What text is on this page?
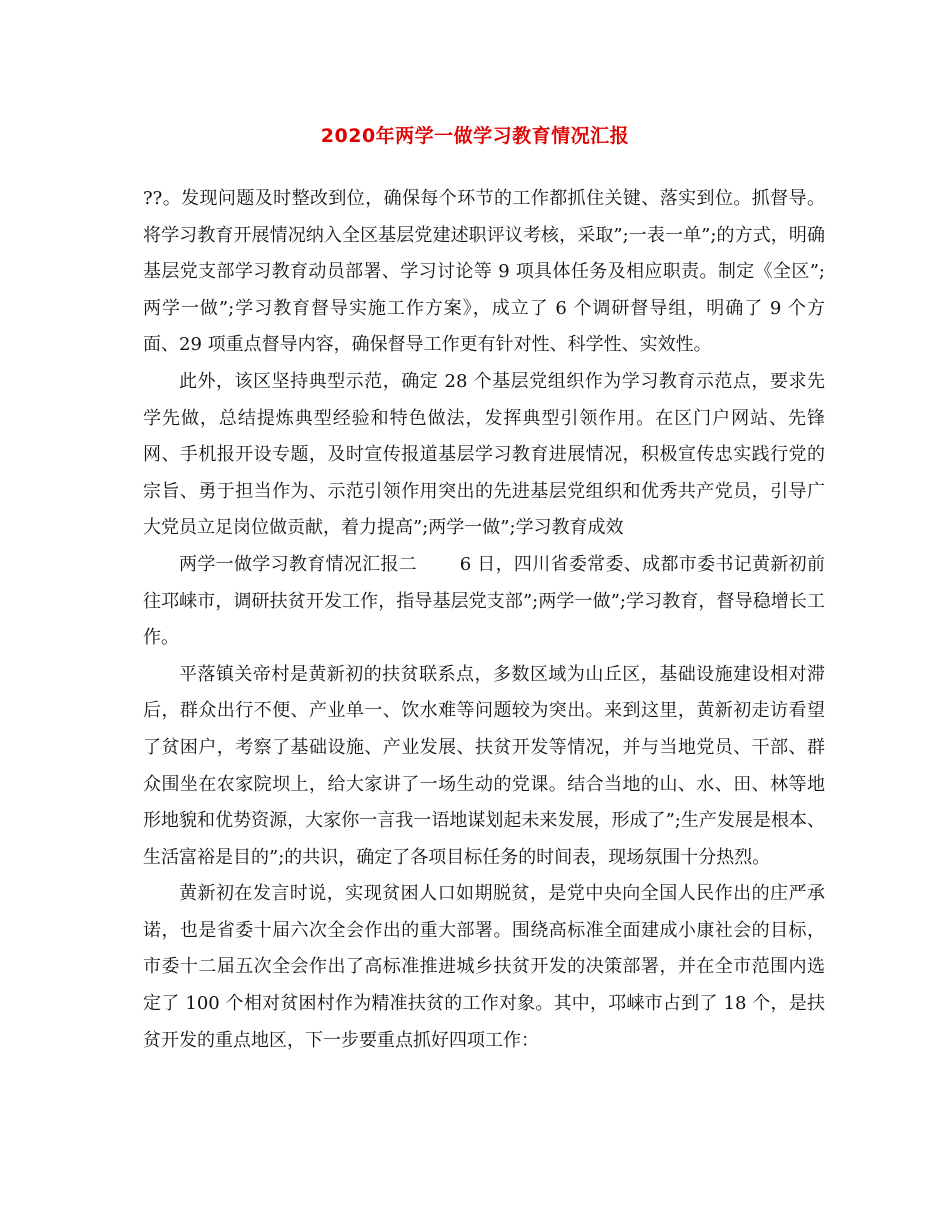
2020年两学一做学习教育情况汇报

??。发现问题及时整改到位，确保每个环节的工作都抓住关键、落实到位。抓督导。将学习教育开展情况纳入全区基层党建述职评议考核，采取”;一表一单”;的方式，明确基层党支部学习教育动员部署、学习讨论等 9 项具体任务及相应职责。制定《全区”;两学一做”;学习教育督导实施工作方案》，成立了 6 个调研督导组，明确了 9 个方面、29 项重点督导内容，确保督导工作更有针对性、科学性、实效性。

此外，该区坚持典型示范，确定 28 个基层党组织作为学习教育示范点，要求先学先做，总结提炼典型经验和特色做法，发挥典型引领作用。在区门户网站、先锋网、手机报开设专题，及时宣传报道基层学习教育进展情况，积极宣传忠实践行党的宗旨、勇于担当作为、示范引领作用突出的先进基层党组织和优秀共产党员，引导广大党员立足岗位做贡献，着力提高”;两学一做”;学习教育成效

两学一做学习教育情况汇报二　　 6 日，四川省委常委、成都市委书记黄新初前往邛崃市，调研扶贫开发工作，指导基层党支部”;两学一做”;学习教育，督导稳增长工作。

平落镇关帝村是黄新初的扶贫联系点，多数区域为山丘区，基础设施建设相对滞后，群众出行不便、产业单一、饮水难等问题较为突出。来到这里，黄新初走访看望了贫困户，考察了基础设施、产业发展、扶贫开发等情况，并与当地党员、干部、群众围坐在农家院坝上，给大家讲了一场生动的党课。结合当地的山、水、田、林等地形地貌和优势资源，大家你一言我一语地谋划起未来发展，形成了”;生产发展是根本、生活富裕是目的”;的共识，确定了各项目标任务的时间表，现场氛围十分热烈。

黄新初在发言时说，实现贫困人口如期脱贫，是党中央向全国人民作出的庄严承诺，也是省委十届六次全会作出的重大部署。围绕高标准全面建成小康社会的目标，市委十二届五次全会作出了高标准推进城乡扶贫开发的决策部署，并在全市范围内选定了 100 个相对贫困村作为精准扶贫的工作对象。其中，邛崃市占到了 18 个，是扶贫开发的重点地区，下一步要重点抓好四项工作：
